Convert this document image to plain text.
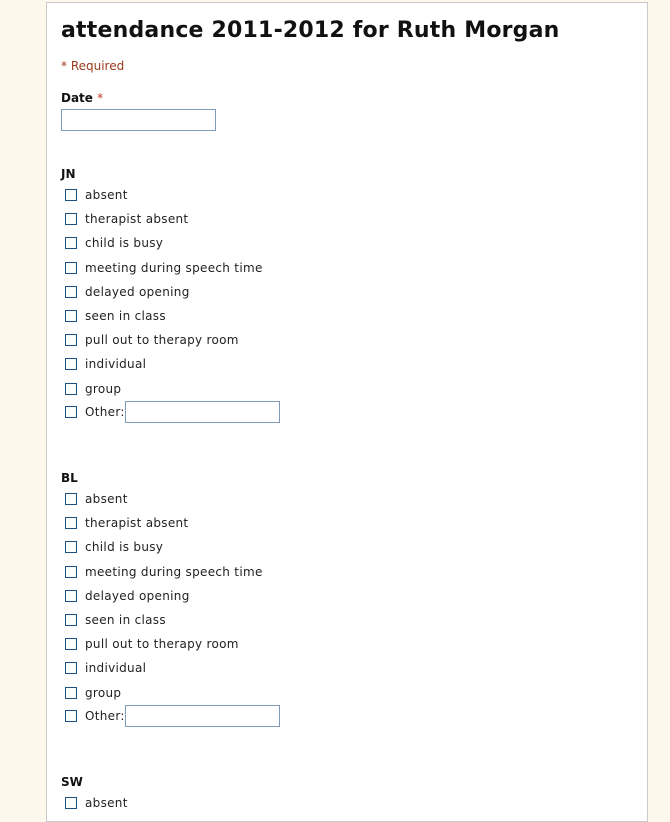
attendance 2011-2012 for Ruth Morgan
* Required
Date *
JN
absent
therapist absent
child is busy
meeting during speech time
delayed opening
seen in class
pull out to therapy room
individual
group
Other:
BL
absent
therapist absent
child is busy
meeting during speech time
delayed opening
seen in class
pull out to therapy room
individual
group
Other:
SW
absent
